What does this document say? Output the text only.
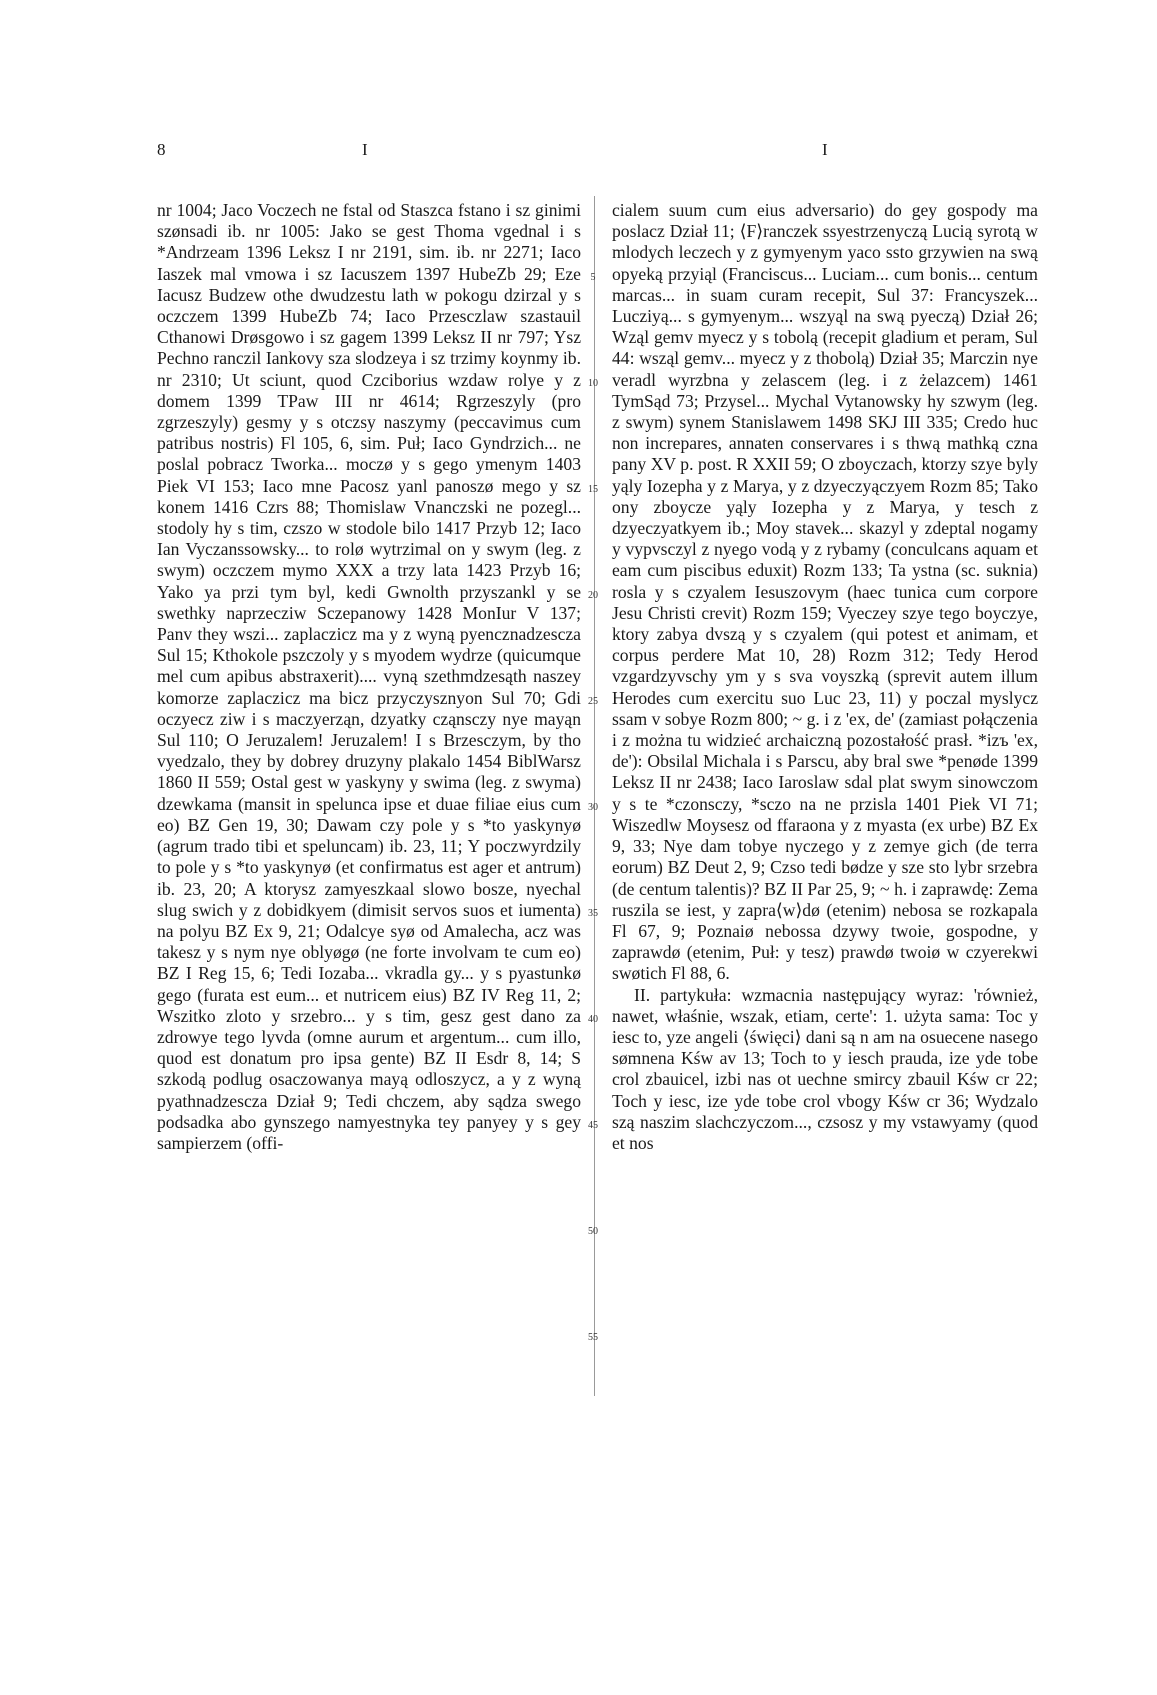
8	I	I

nr 1004; Jaco Voczech ne fstal od Staszca fstano i sz ginimi szønsadi ib. nr 1005: Jako se gest Thoma vgednal i s *Andrzeam 1396 Leksz I nr 2191, sim. ib. nr 2271; Iaco Iaszek mal vmowa i sz Iacuszem 1397 HubeZb 29; Eze Iacusz Budzew othe dwudzestu lath w pokogu dzirzal y s oczczem 1399 HubeZb 74; Iaco Przesczlaw szastauil Cthanowi Drøsgowo i sz gagem 1399 Leksz II nr 797; Ysz Pechno ranczil Iankovy sza slodzeya i sz trzimy koynmy ib. nr 2310; Ut sciunt, quod Czciborius wzdaw rolye y z domem 1399 TPaw III nr 4614; Rgrzeszyly (pro zgrzeszyly) gesmy y s otczsy naszymy (peccavimus cum patribus nostris) Fl 105, 6, sim. Puł; Iaco Gyndrzich... ne poslal pobracz Tworka... moczø y s gego ymenym 1403 Piek VI 153; Iaco mne Pacosz yanl panoszø mego y sz konem 1416 Czrs 88; Thomislaw Vnanczski ne pozegl... stodoly hy s tim, czszo w stodole bilo 1417 Przyb 12; Iaco Ian Vyczanssowsky... to rolø wytrzimal on y swym (leg. z swym) oczczem mymo XXX a trzy lata 1423 Przyb 16; Yako ya przi tym byl, kedi Gwnolth przyszankl y se swethky naprzecziw Sczepanowy 1428 MonIur V 137; Panv they wszi... zaplaczicz ma y z wyną pyencznadzescza Sul 15; Kthokole pszczoly y s myodem wydrze (quicumque mel cum apibus abstraxerit).... vyną szethmdzesąth naszey komorze zaplaczicz ma bicz przyczysznyon Sul 70; Gdi oczyecz ziw i s maczyerząn, dzyatky cząnsczy nye mayąn Sul 110; O Jeruzalem! Jeruzalem! I s Brzesczym, by tho vyedzalo, they by dobrey druzyny plakalo 1454 BiblWarsz 1860 II 559; Ostal gest w yaskyny y swima (leg. z swyma) dzewkama (mansit in spelunca ipse et duae filiae eius cum eo) BZ Gen 19, 30; Dawam czy pole y s *to yaskynyø (agrum trado tibi et speluncam) ib. 23, 11; Y poczwyrdzily to pole y s *to yaskynyø (et confirmatus est ager et antrum) ib. 23, 20; A ktorysz zamyeszkaal slowo bosze, nyechal slug swich y z dobidkyem (dimisit servos suos et iumenta) na polyu BZ Ex 9, 21; Odalcye syø od Amalecha, acz was takesz y s nym nye oblyøgø (ne forte involvam te cum eo) BZ I Reg 15, 6; Tedi Iozaba... vkradla gy... y s pyastunkø gego (furata est eum... et nutricem eius) BZ IV Reg 11, 2; Wszitko zloto y srzebro... y s tim, gesz gest dano za zdrowye tego lyvda (omne aurum et argentum... cum illo, quod est donatum pro ipsa gente) BZ II Esdr 8, 14; S szkodą podlug osaczowanya mayą odloszycz, a y z wyną pyathnadzescza Dział 9; Tedi chczem, aby sądza swego podsadka abo gynszego namyestnyka tey panyey y s gey sampierzem (offi-

5
10
15
20
25
30
35
40
45
50
55

cialem suum cum eius adversario) do gey gospody ma poslacz Dział 11; ⟨F⟩ranczek ssyestrzenyczą Lucią syrotą w mlodych leczech y z gymyenym yaco ssto grzywien na swą opyeką przyiąl (Franciscus... Luciam... cum bonis... centum marcas... in suam curam recepit, Sul 37: Francyszek... Lucziyą... s gymyenym... wszyąl na swą pyeczą) Dział 26; Wząl gemv myecz y s tobolą (recepit gladium et peram, Sul 44: wsząl gemv... myecz y z thobolą) Dział 35; Marczin nye veradl wyrzbna y zelascem (leg. i z żelazcem) 1461 TymSąd 73; Przysel... Mychal Vytanowsky hy szwym (leg. z swym) synem Stanislawem 1498 SKJ III 335; Credo huc non increpares, annaten conservares i s thwą mathką czna pany XV p. post. R XXII 59; O zboyczach, ktorzy szye byly yąly Iozepha y z Marya, y z dzyeczyączyem Rozm 85; Tako ony zboycze yąly Iozepha y z Marya, y tesch z dzyeczyatkyem ib.; Moy stavek... skazyl y zdeptal nogamy y vypvsczyl z nyego vodą y z rybamy (conculcans aquam et eam cum piscibus eduxit) Rozm 133; Ta ystna (sc. suknia) rosla y s czyalem Iesuszovym (haec tunica cum corpore Jesu Christi crevit) Rozm 159; Vyeczey szye tego boyczye, ktory zabya dvszą y s czyalem (qui potest et animam, et corpus perdere Mat 10, 28) Rozm 312; Tedy Herod vzgardzyvschy ym y s sva voyszką (sprevit autem illum Herodes cum exercitu suo Luc 23, 11) y poczal myslycz ssam v sobye Rozm 800; ~ g. i z 'ex, de' (zamiast połączenia i z można tu widzieć archaiczną pozostałość prasł. *izъ 'ex, de'): Obsilal Michala i s Parscu, aby bral swe *penøde 1399 Leksz II nr 2438; Iaco Iaroslaw sdal plat swym sinowczom y s te *czonsczy, *sczo na ne przisla 1401 Piek VI 71; Wiszedlw Moysesz od ffaraona y z myasta (ex urbe) BZ Ex 9, 33; Nye dam tobye nyczego y z zemye gich (de terra eorum) BZ Deut 2, 9; Czso tedi bødze y sze sto lybr srzebra (de centum talentis)? BZ II Par 25, 9; ~ h. i zaprawdę: Zema ruszila se iest, y zapra⟨w⟩dø (etenim) nebosa se rozkapala Fl 67, 9; Poznaiø nebossa dzywy twoie, gospodne, y zaprawdø (etenim, Puł: y tesz) prawdø twoiø w czyerekwi swøtich Fl 88, 6.

II. partykuła: wzmacnia następujący wyraz: 'również, nawet, właśnie, wszak, etiam, certe': 1. użyta sama: Toc y iesc to, yze angeli ⟨święci⟩ dani są n am na osuecene nasego sømnena Kśw av 13; Toch to y iesch prauda, ize yde tobe crol zbauicel, izbi nas ot uechne smircy zbauil Kśw cr 22; Toch y iesc, ize yde tobe crol vbogy Kśw cr 36; Wydzalo szą naszim slachczyczom..., czsosz y my vstawyamy (quod et nos
